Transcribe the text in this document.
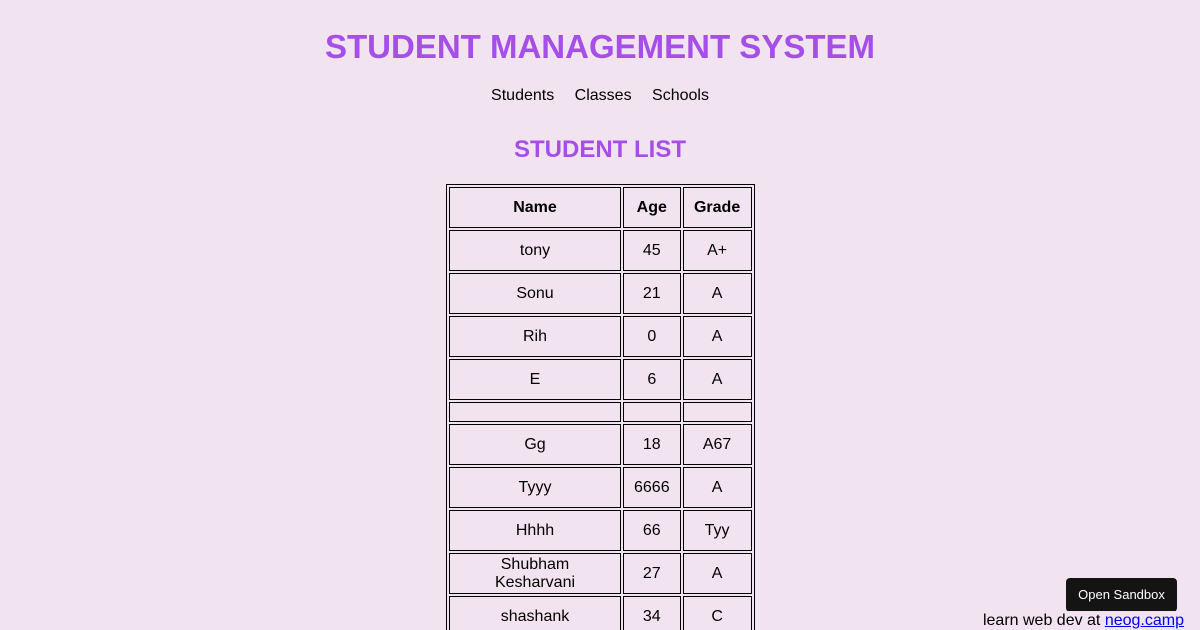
STUDENT MANAGEMENT SYSTEM
Students Classes Schools
STUDENT LIST
Name	Age	Grade
tony	45	A+
Sonu	21	A
Rih	0	A
E	6	A

Gg	18	A67
Tyyy	6666	A
Hhhh	66	Tyy
Shubham Kesharvani	27	A
shashank	34	C
Open Sandbox
learn web dev at neog.camp
